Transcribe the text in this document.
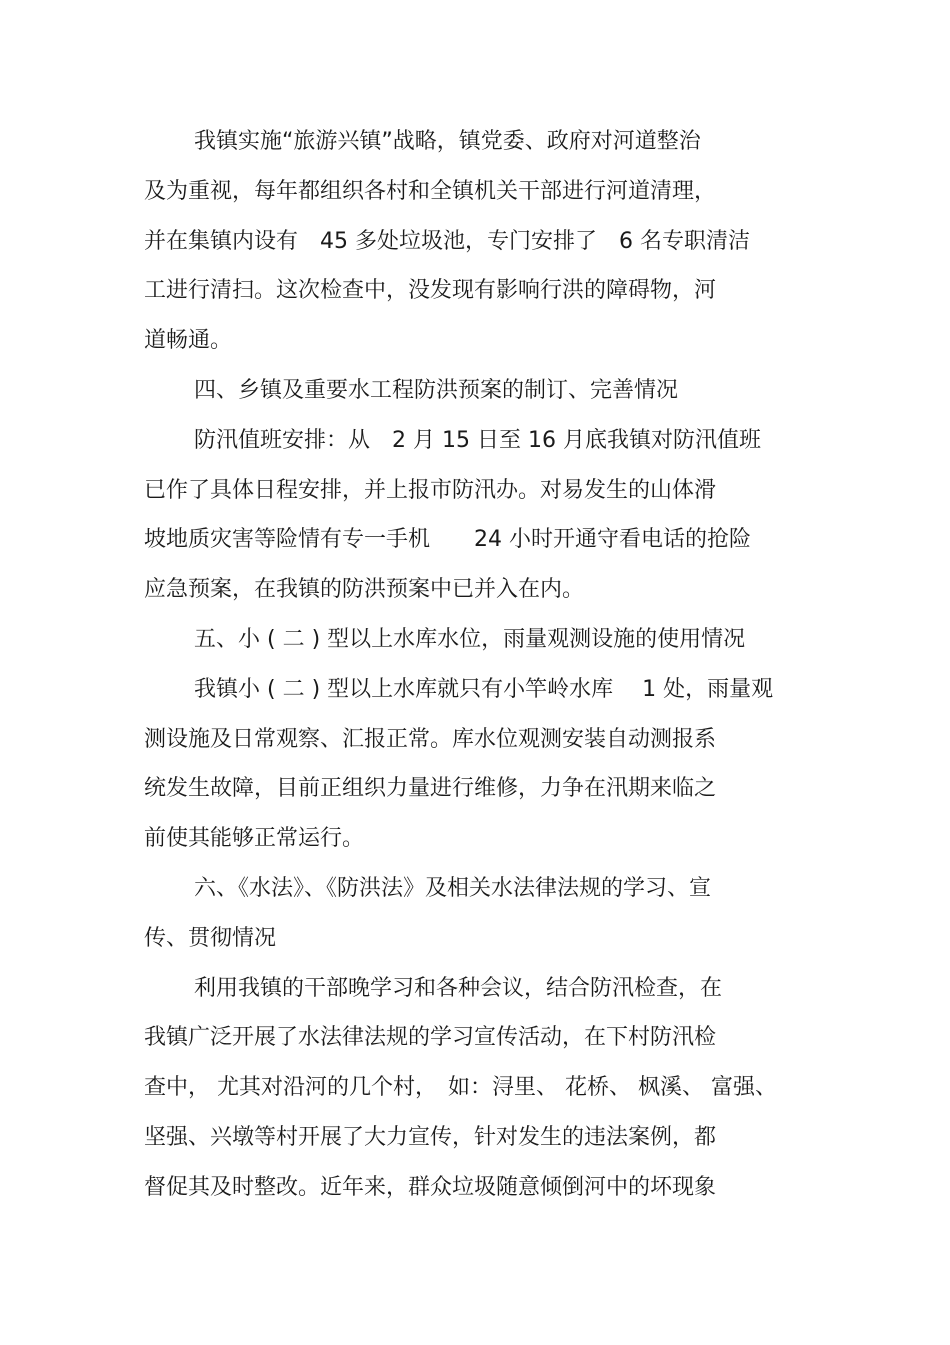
我镇实施“旅游兴镇”战略，镇党委、政府对河道整治

及为重视，每年都组织各村和全镇机关干部进行河道清理，

并在集镇内设有　45 多处垃圾池，专门安排了　6 名专职清洁

工进行清扫。这次检查中，没发现有影响行洪的障碍物，河

道畅通。

四、乡镇及重要水工程防洪预案的制订、完善情况

防汛值班安排：从　2 月 15 日至 16 月底我镇对防汛值班

已作了具体日程安排，并上报市防汛办。对易发生的山体滑

坡地质灾害等险情有专一手机　　24 小时开通守看电话的抢险

应急预案，在我镇的防洪预案中已并入在内。

五、小 ( 二 ) 型以上水库水位，雨量观测设施的使用情况

我镇小 ( 二 ) 型以上水库就只有小竿岭水库　 1 处，雨量观

测设施及日常观察、汇报正常。库水位观测安装自动测报系

统发生故障，目前正组织力量进行维修，力争在汛期来临之

前使其能够正常运行。

六、《水法》、《防洪法》及相关水法律法规的学习、宣

传、贯彻情况

利用我镇的干部晚学习和各种会议，结合防汛检查，在

我镇广泛开展了水法律法规的学习宣传活动，在下村防汛检

查中， 尤其对沿河的几个村，　如：浔里、 花桥、 枫溪、 富强、

坚强、兴墩等村开展了大力宣传，针对发生的违法案例，都

督促其及时整改。近年来，群众垃圾随意倾倒河中的坏现象
